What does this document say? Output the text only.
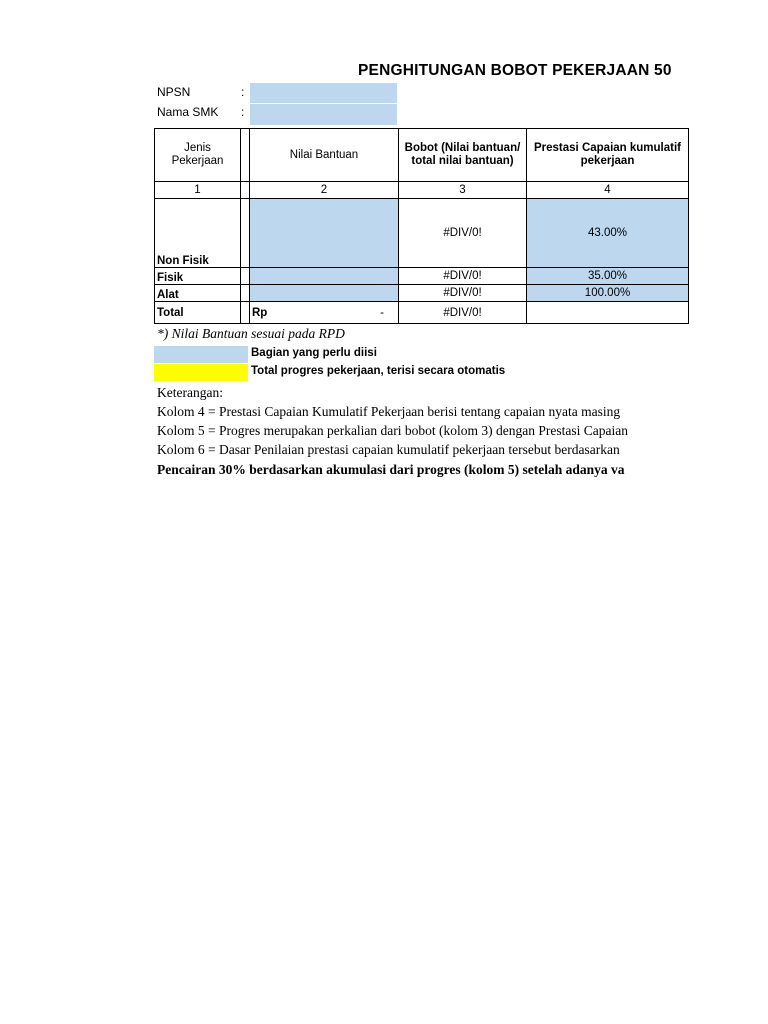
PENGHITUNGAN BOBOT PEKERJAAN 50
NPSN	:
Nama SMK :
Jenis Pekerjaan		Nilai Bantuan	Bobot (Nilai bantuan/ total nilai bantuan)	Prestasi Capaian kumulatif pekerjaan
1		2	3	4
Non Fisik			#DIV/0!	43.00%
Fisik			#DIV/0!	35.00%
Alat			#DIV/0!	100.00%
Total		Rp -	#DIV/0!	
*) Nilai Bantuan sesuai pada RPD
Bagian yang perlu diisi
Total progres pekerjaan, terisi secara otomatis
Keterangan:
Kolom 4 = Prestasi Capaian Kumulatif Pekerjaan berisi tentang capaian nyata masing
Kolom 5 = Progres merupakan perkalian dari bobot (kolom 3) dengan Prestasi Capaian
Kolom 6 = Dasar Penilaian prestasi capaian kumulatif pekerjaan tersebut berdasarkan
Pencairan 30% berdasarkan akumulasi dari progres (kolom 5) setelah adanya va
